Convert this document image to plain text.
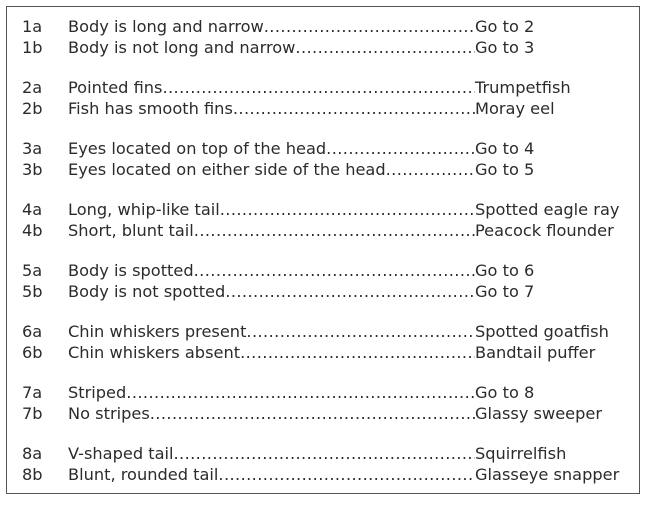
1a Body is long and narrow .....	Go to 2
1b Body is not long and narrow .....	Go to 3
2a Pointed fins .....	Trumpetfish
2b Fish has smooth fins .....	Moray eel
3a Eyes located on top of the head .....	Go to 4
3b Eyes located on either side of the head .....	Go to 5
4a Long, whip-like tail .....	Spotted eagle ray
4b Short, blunt tail .....	Peacock flounder
5a Body is spotted .....	Go to 6
5b Body is not spotted .....	Go to 7
6a Chin whiskers present .....	Spotted goatfish
6b Chin whiskers absent .....	Bandtail puffer
7a Striped .....	Go to 8
7b No stripes .....	Glassy sweeper
8a V-shaped tail .....	Squirrelfish
8b Blunt, rounded tail .....	Glasseye snapper
